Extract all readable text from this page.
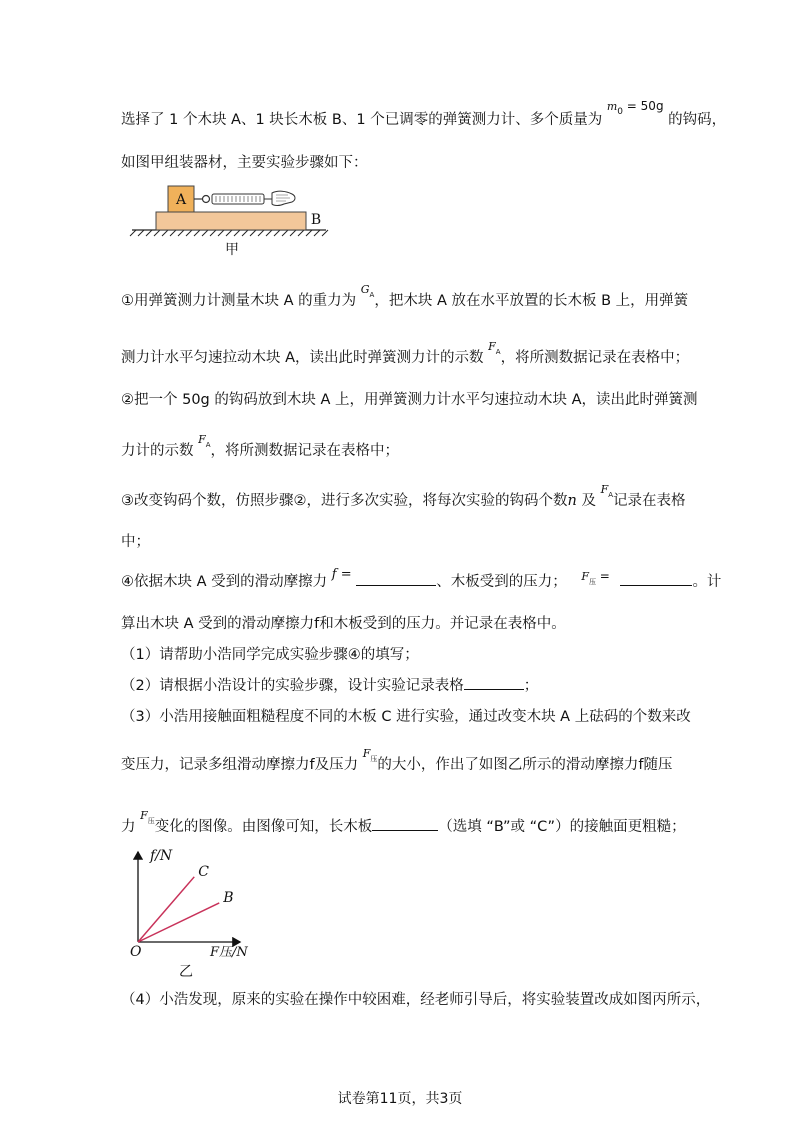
选择了 1 个木块 A、1 块长木板 B、1 个已调零的弹簧测力计、多个质量为 $m_0 = 50g$ 的钩码，
如图甲组装器材，主要实验步骤如下：
A
B
甲
①用弹簧测力计测量木块 A 的重力为 $G_A$，把木块 A 放在水平放置的长木板 B 上，用弹簧
测力计水平匀速拉动木块 A，读出此时弹簧测力计的示数 $F_A$，将所测数据记录在表格中；
②把一个 50g 的钩码放到木块 A 上，用弹簧测力计水平匀速拉动木块 A，读出此时弹簧测
力计的示数 $F_A$，将所测数据记录在表格中；
③改变钩码个数，仿照步骤②，进行多次实验，将每次实验的钩码个数n 及 $F_A$记录在表格
中；
④依据木块 A 受到的滑动摩擦力 f =	、木板受到的压力； $F_压$ =	。计
算出木块 A 受到的滑动摩擦力f和木板受到的压力。并记录在表格中。
（1）请帮助小浩同学完成实验步骤④的填写；
（2）请根据小浩设计的实验步骤，设计实验记录表格	；
（3）小浩用接触面粗糙程度不同的木板 C 进行实验，通过改变木块 A 上砝码的个数来改
变压力，记录多组滑动摩擦力f及压力 $F_压$的大小，作出了如图乙所示的滑动摩擦力f随压
力 $F_压$变化的图像。由图像可知，长木板	（选填 “B”或 “C”）的接触面更粗糙；
C
B
f/N
F压/N
O
乙
（4）小浩发现，原来的实验在操作中较困难，经老师引导后，将实验装置改成如图丙所示，
试卷第11页，共3页
